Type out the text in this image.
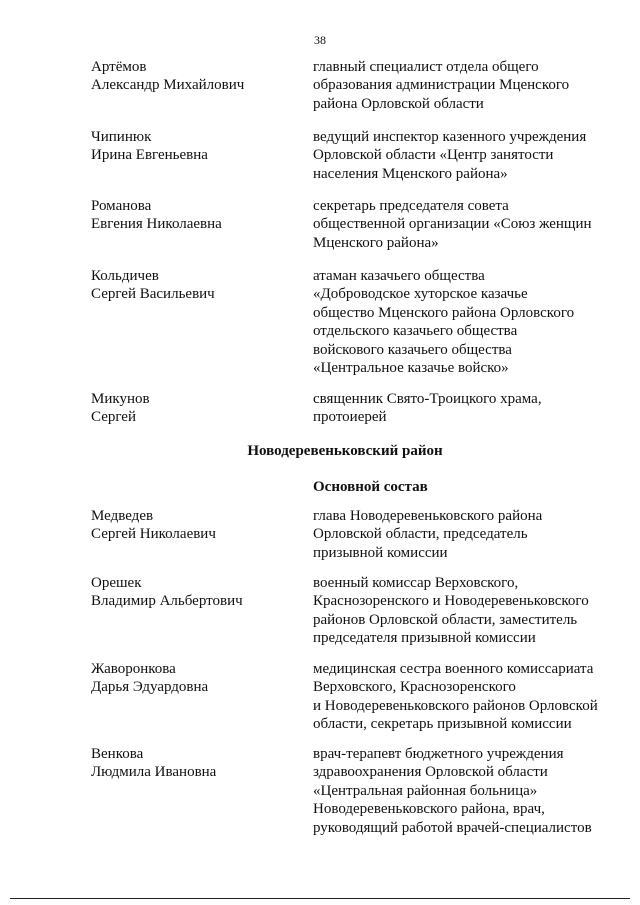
38
Артёмов
Александр Михайлович
главный специалист отдела общего
образования администрации Мценского
района Орловской области
Чипинюк
Ирина Евгеньевна
ведущий инспектор казенного учреждения
Орловской области «Центр занятости
населения Мценского района»
Романова
Евгения Николаевна
секретарь председателя совета
общественной организации «Союз женщин
Мценского района»
Кольдичев
Сергей Васильевич
атаман казачьего общества
«Доброводское хуторское казачье
общество Мценского района Орловского
отдельского казачьего общества
войскового казачьего общества
«Центральное казачье войско»
Микунов
Сергей
священник Свято-Троицкого храма,
протоиерей
Новодеревеньковский район
Основной состав
Медведев
Сергей Николаевич
глава Новодеревеньковского района
Орловской области, председатель
призывной комиссии
Орешек
Владимир Альбертович
военный комиссар Верховского,
Краснозоренского и Новодеревеньковского
районов Орловской области, заместитель
председателя призывной комиссии
Жаворонкова
Дарья Эдуардовна
медицинская сестра военного комиссариата
Верховского, Краснозоренского
и Новодеревеньковского районов Орловской
области, секретарь призывной комиссии
Венкова
Людмила Ивановна
врач-терапевт бюджетного учреждения
здравоохранения Орловской области
«Центральная районная больница»
Новодеревеньковского района, врач,
руководящий работой врачей-специалистов
